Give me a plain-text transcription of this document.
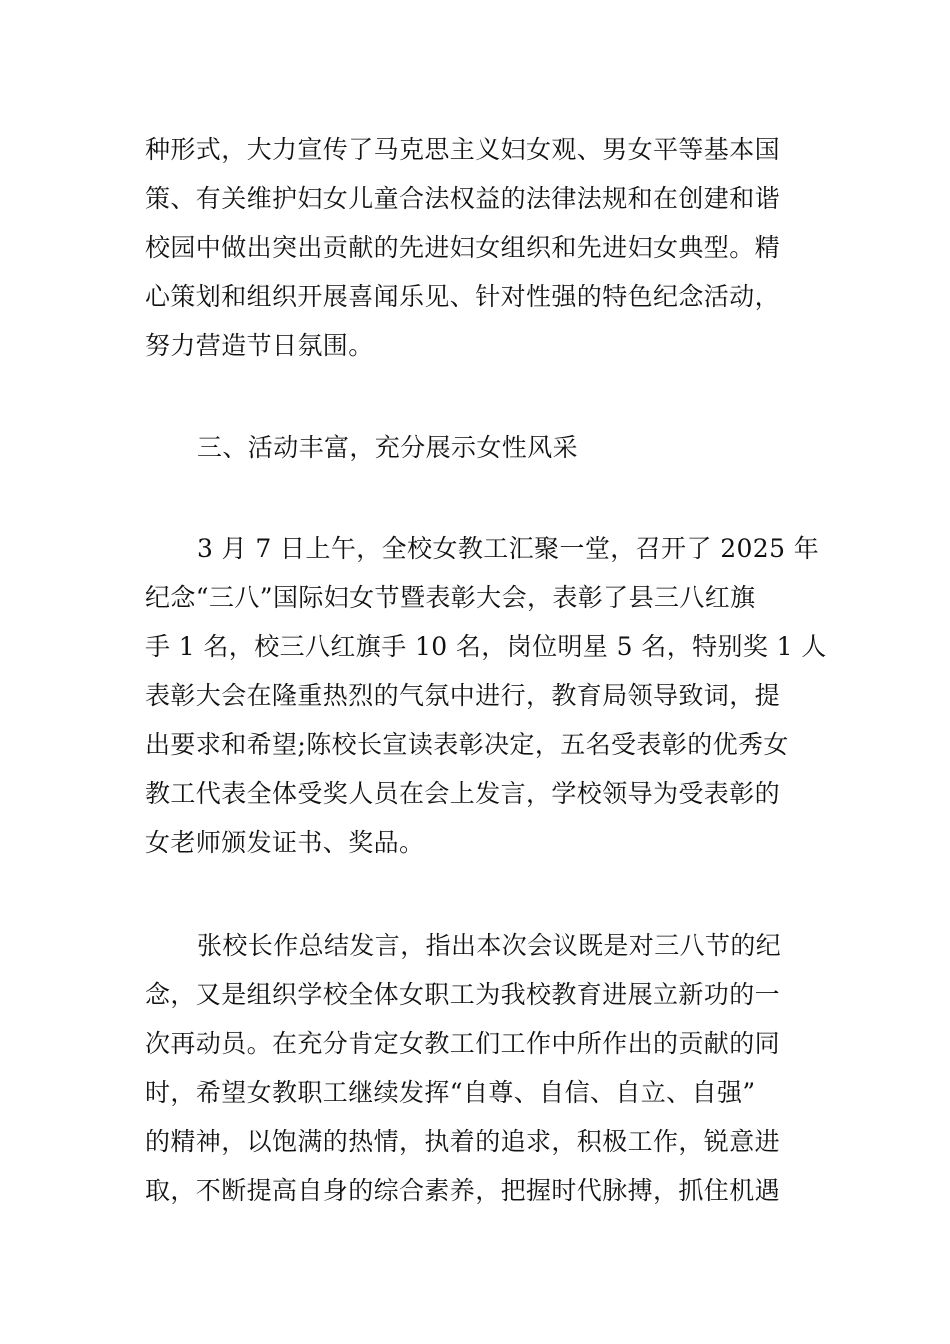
种形式，大力宣传了马克思主义妇女观、男女平等基本国
策、有关维护妇女儿童合法权益的法律法规和在创建和谐
校园中做出突出贡献的先进妇女组织和先进妇女典型。精
心策划和组织开展喜闻乐见、针对性强的特色纪念活动，
努力营造节日氛围。
三、活动丰富，充分展示女性风采
3 月 7 日上午，全校女教工汇聚一堂，召开了 2025 年
纪念“三八”国际妇女节暨表彰大会，表彰了县三八红旗
手 1 名，校三八红旗手 10 名，岗位明星 5 名，特别奖 1 人
表彰大会在隆重热烈的气氛中进行，教育局领导致词，提
出要求和希望;陈校长宣读表彰决定，五名受表彰的优秀女
教工代表全体受奖人员在会上发言，学校领导为受表彰的
女老师颁发证书、奖品。
张校长作总结发言，指出本次会议既是对三八节的纪
念，又是组织学校全体女职工为我校教育进展立新功的一
次再动员。在充分肯定女教工们工作中所作出的贡献的同
时，希望女教职工继续发挥“自尊、自信、自立、自强”
的精神，以饱满的热情，执着的追求，积极工作，锐意进
取，不断提高自身的综合素养，把握时代脉搏，抓住机遇
